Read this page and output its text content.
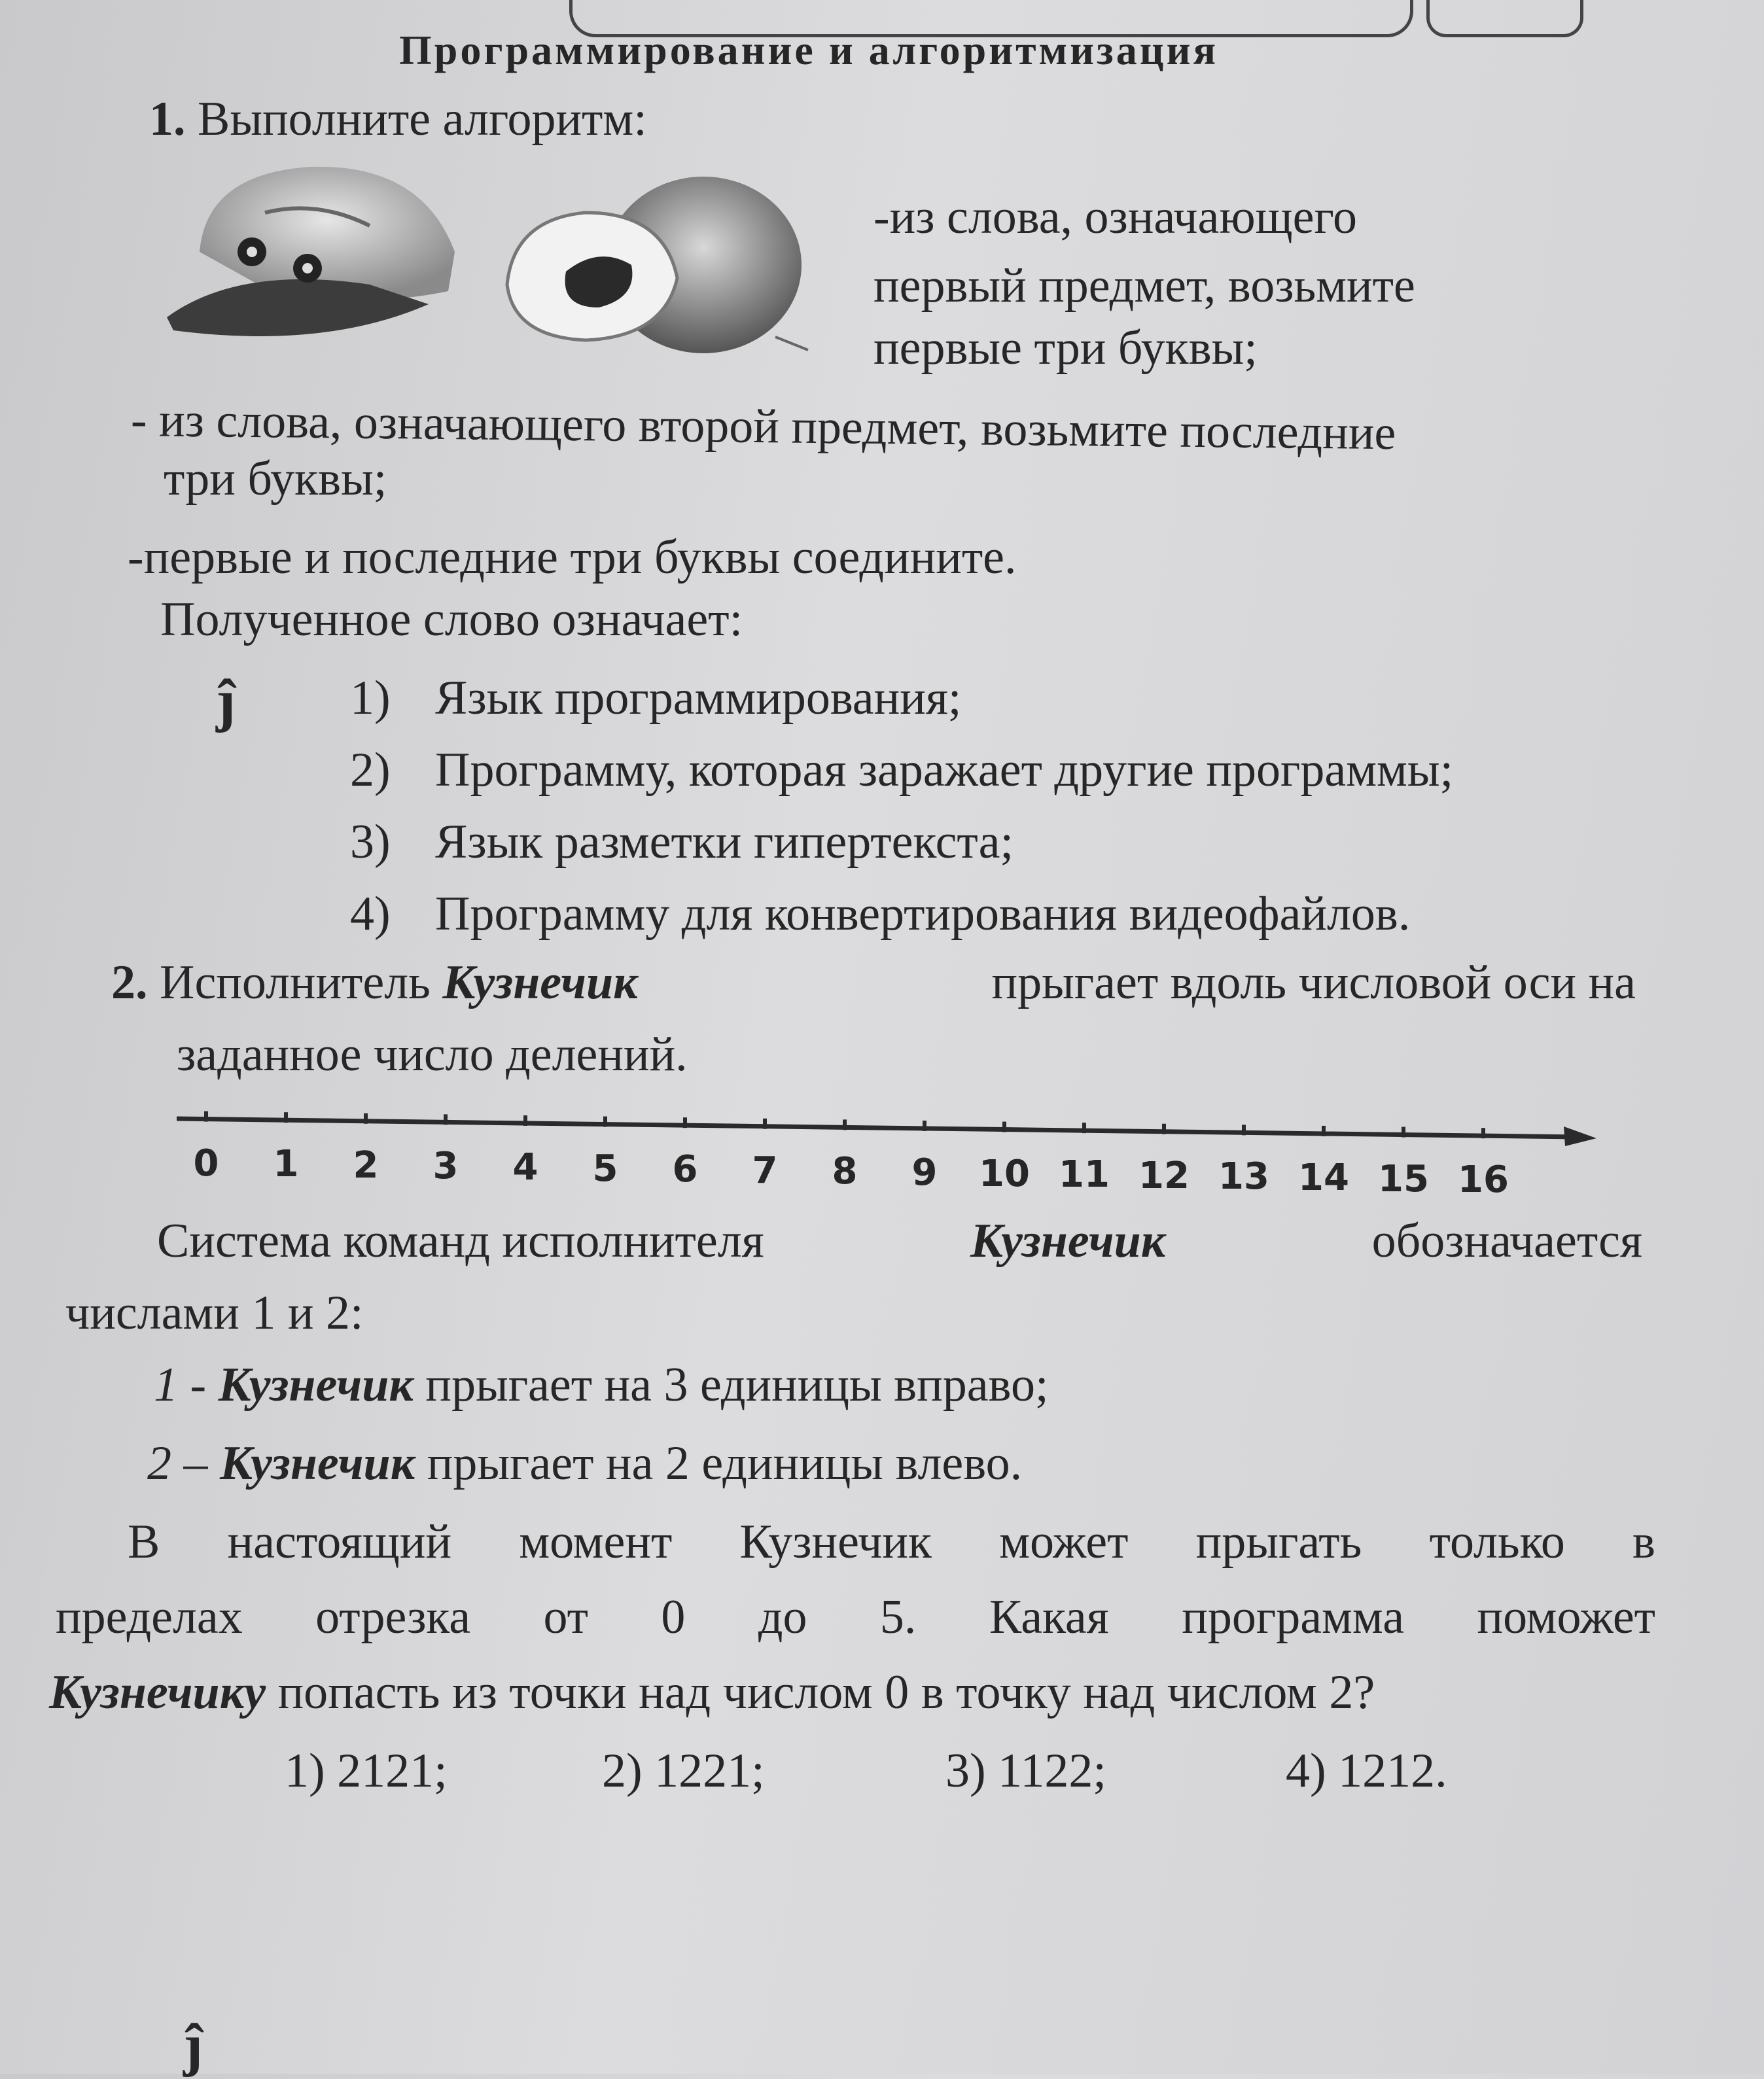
Программирование и алгоритмизация
1. Выполните алгоритм:
-из слова, означающего
первый предмет, возьмите
первые три буквы;
- из слова, означающего второй предмет, возьмите последние
три буквы;
-первые и последние три буквы соедините.
Полученное слово означает:
ĵ 1) Язык программирования;
2) Программу, которая заражает другие программы;
3) Язык разметки гипертекста;
4) Программу для конвертирования видеофайлов.
2. Исполнитель Кузнечик	прыгает вдоль числовой оси на
заданное число делений.
0	1	2	3	4	5	6	7	8	9	10 11 12 13 14 15 16
Система команд исполнителя	Кузнечик	обозначается
числами 1 и 2:
1 - Кузнечик прыгает на 3 единицы вправо;
2 – Кузнечик прыгает на 2 единицы влево.
В настоящий момент Кузнечик может прыгать только в
пределах отрезка от 0 до 5. Какая программа поможет
Кузнечику попасть из точки над числом 0 в точку над числом 2?
1) 2121;	2) 1221;	3) 1122;	4) 1212.
ĵ
